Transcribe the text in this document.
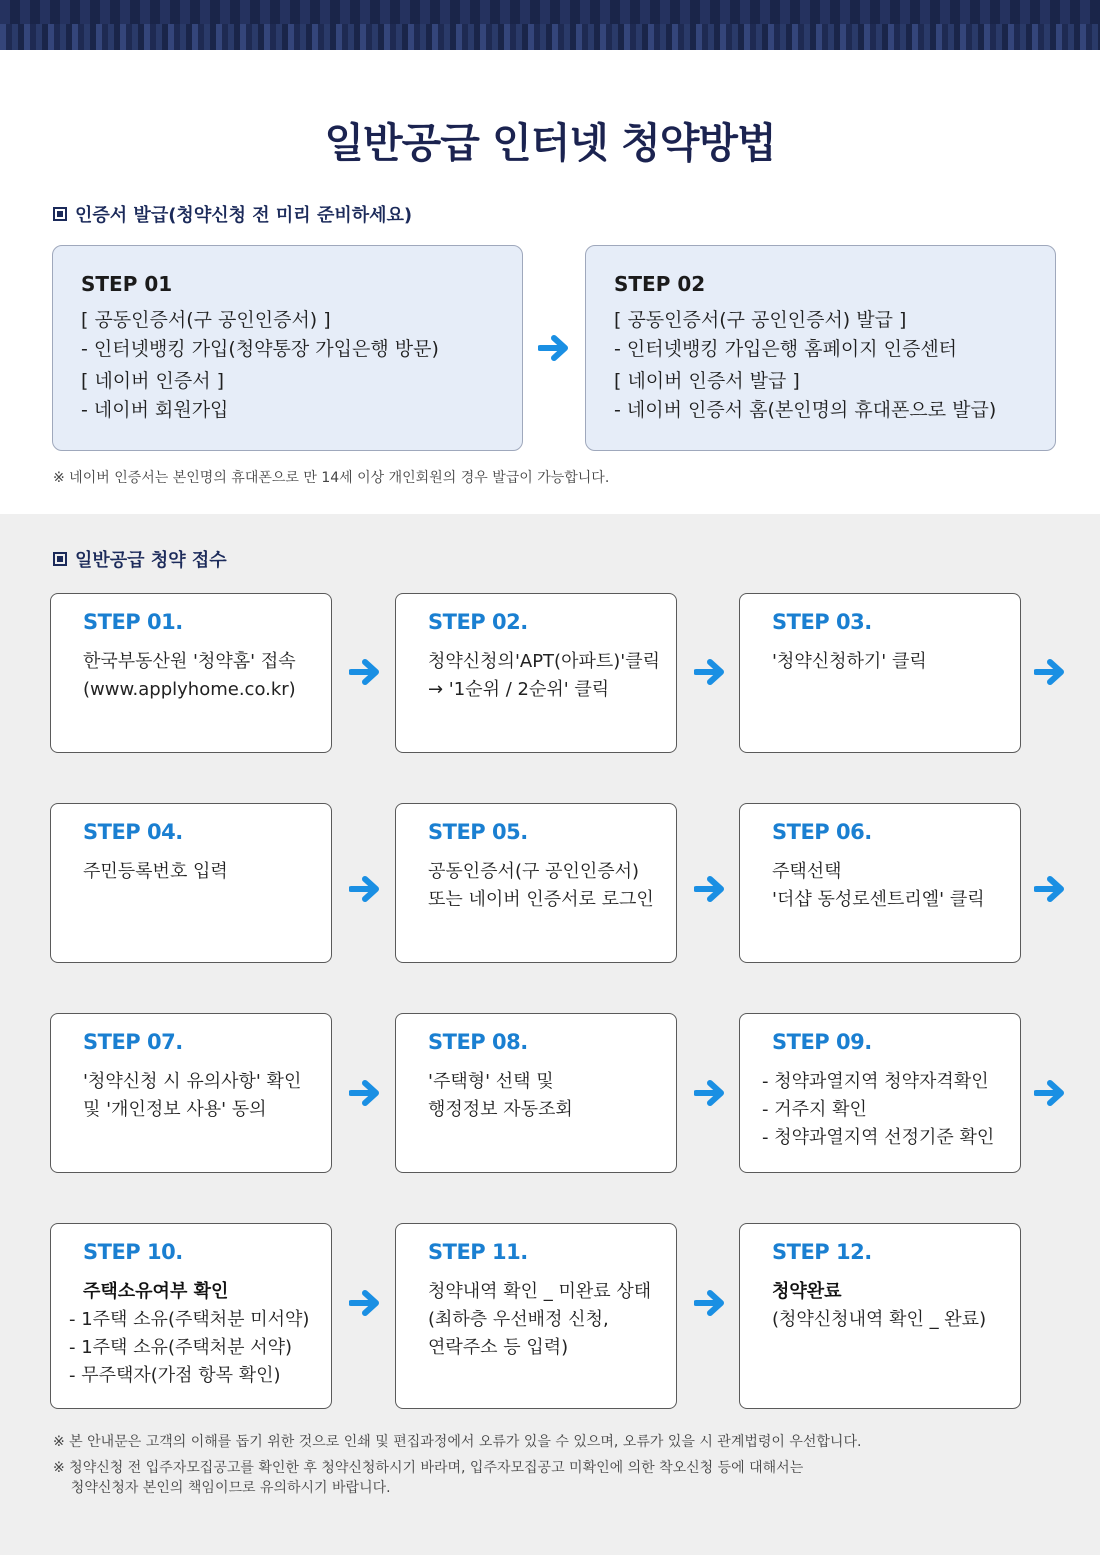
일반공급 인터넷 청약방법
인증서 발급(청약신청 전 미리 준비하세요)
STEP 01
[ 공동인증서(구 공인인증서) ]
- 인터넷뱅킹 가입(청약통장 가입은행 방문)
[ 네이버 인증서 ]
- 네이버 회원가입
STEP 02
[ 공동인증서(구 공인인증서) 발급 ]
- 인터넷뱅킹 가입은행 홈페이지 인증센터
[ 네이버 인증서 발급 ]
- 네이버 인증서 홈(본인명의 휴대폰으로 발급)
※ 네이버 인증서는 본인명의 휴대폰으로 만 14세 이상 개인회원의 경우 발급이 가능합니다.
일반공급 청약 접수
STEP 01.
한국부동산원 '청약홈' 접속
(www.applyhome.co.kr)
STEP 02.
청약신청의'APT(아파트)'클릭
→ '1순위 / 2순위' 클릭
STEP 03.
'청약신청하기' 클릭
STEP 04.
주민등록번호 입력
STEP 05.
공동인증서(구 공인인증서)
또는 네이버 인증서로 로그인
STEP 06.
주택선택
'더샵 동성로센트리엘' 클릭
STEP 07.
'청약신청 시 유의사항' 확인
및 '개인정보 사용' 동의
STEP 08.
'주택형' 선택 및
행정정보 자동조회
STEP 09.
- 청약과열지역 청약자격확인
- 거주지 확인
- 청약과열지역 선정기준 확인
STEP 10.
주택소유여부 확인
- 1주택 소유(주택처분 미서약)
- 1주택 소유(주택처분 서약)
- 무주택자(가점 항목 확인)
STEP 11.
청약내역 확인 _ 미완료 상태
(최하층 우선배정 신청,
연락주소 등 입력)
STEP 12.
청약완료
(청약신청내역 확인 _ 완료)
※ 본 안내문은 고객의 이해를 돕기 위한 것으로 인쇄 및 편집과정에서 오류가 있을 수 있으며, 오류가 있을 시 관계법령이 우선합니다.
※ 청약신청 전 입주자모집공고를 확인한 후 청약신청하시기 바라며, 입주자모집공고 미확인에 의한 착오신청 등에 대해서는
청약신청자 본인의 책임이므로 유의하시기 바랍니다.
